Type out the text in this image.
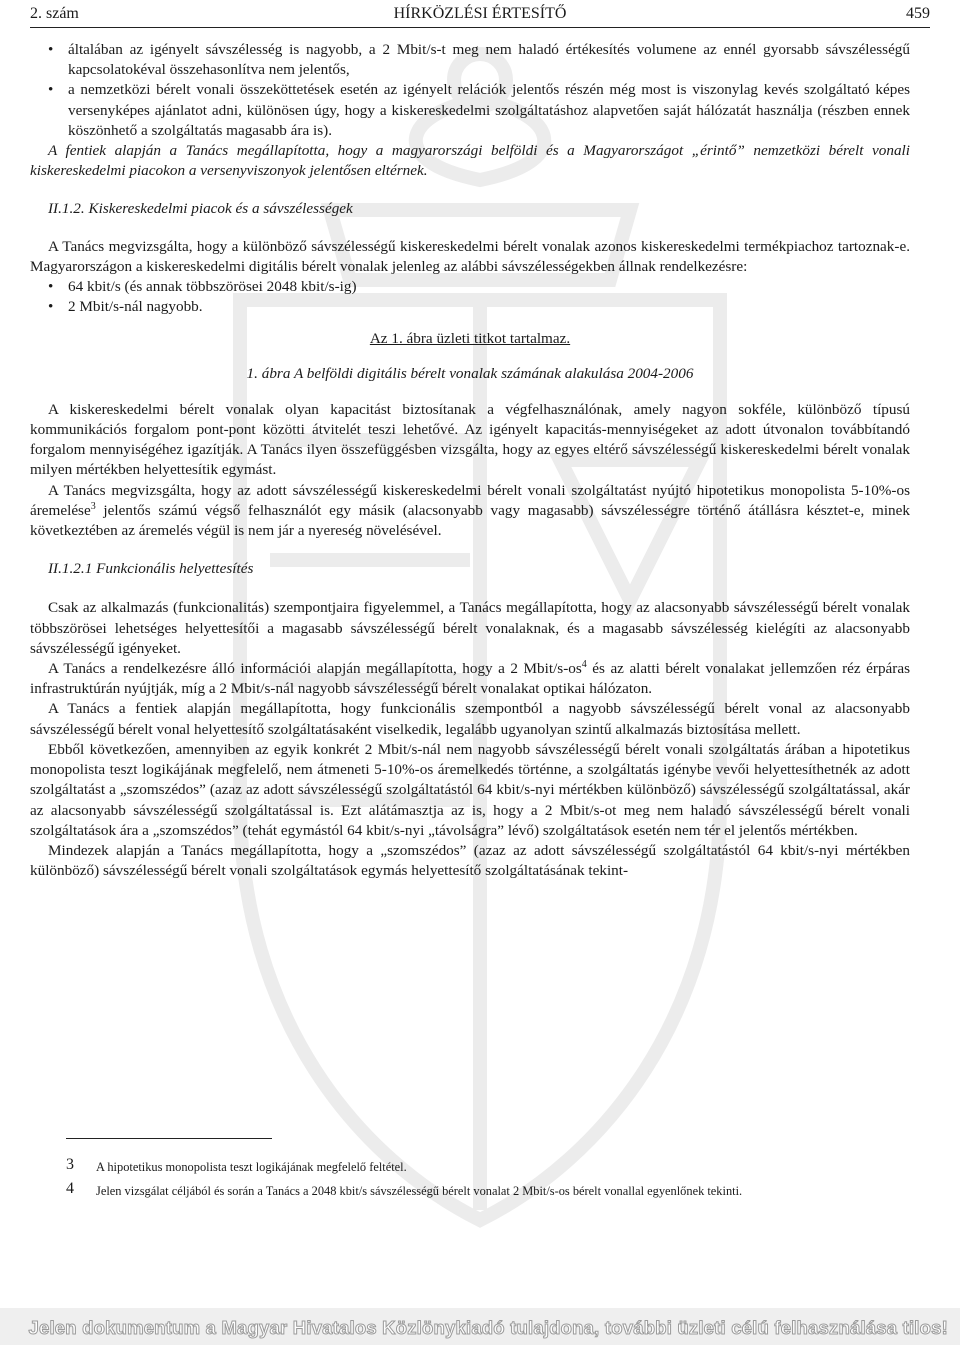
2. szám	HÍRKÖZLÉSI ÉRTESÍTŐ	459
• általában az igényelt sávszélesség is nagyobb, a 2 Mbit/s-t meg nem haladó értékesítés volumene az ennél gyorsabb sávszélességű kapcsolatokéval összehasonlítva nem jelentős,
• a nemzetközi bérelt vonali összeköttetések esetén az igényelt relációk jelentős részén még most is viszonylag kevés szolgáltató képes versenyképes ajánlatot adni, különösen úgy, hogy a kiskereskedelmi szolgáltatáshoz alapvetően saját hálózatát használja (részben ennek köszönhető a szolgáltatás magasabb ára is).

A fentiek alapján a Tanács megállapította, hogy a magyarországi belföldi és a Magyarországot „érintő” nemzetközi bérelt vonali kiskereskedelmi piacokon a versenyviszonyok jelentősen eltérnek.

II.1.2. Kiskereskedelmi piacok és a sávszélességek

A Tanács megvizsgálta, hogy a különböző sávszélességű kiskereskedelmi bérelt vonalak azonos kiskereskedelmi termékpiachoz tartoznak-e. Magyarországon a kiskereskedelmi digitális bérelt vonalak jelenleg az alábbi sávszélességekben állnak rendelkezésre:

• 64 kbit/s (és annak többszörösei 2048 kbit/s-ig)
• 2 Mbit/s-nál nagyobb.

Az 1. ábra üzleti titkot tartalmaz.

1. ábra A belföldi digitális bérelt vonalak számának alakulása 2004-2006

A kiskereskedelmi bérelt vonalak olyan kapacitást biztosítanak a végfelhasználónak, amely nagyon sokféle, különböző típusú kommunikációs forgalom pont-pont közötti átvitelét teszi lehetővé. Az igényelt kapacitás-mennyiségeket az adott útvonalon továbbítandó forgalom mennyiségéhez igazítják. A Tanács ilyen összefüggésben vizsgálta, hogy az egyes eltérő sávszélességű kiskereskedelmi bérelt vonalak milyen mértékben helyettesítik egymást.

A Tanács megvizsgálta, hogy az adott sávszélességű kiskereskedelmi bérelt vonali szolgáltatást nyújtó hipotetikus monopolista 5-10%-os áremelése$^3$ jelentős számú végső felhasználót egy másik (alacsonyabb vagy magasabb) sávszélességre történő átállásra késztet-e, minek következtében az áremelés végül is nem jár a nyereség növelésével.

II.1.2.1 Funkcionális helyettesítés

Csak az alkalmazás (funkcionalitás) szempontjaira figyelemmel, a Tanács megállapította, hogy az alacsonyabb sávszélességű bérelt vonalak többszörösei lehetséges helyettesítői a magasabb sávszélességű bérelt vonalaknak, és a magasabb sávszélesség kielégíti az alacsonyabb sávszélességű igényeket.

A Tanács a rendelkezésre álló információi alapján megállapította, hogy a 2 Mbit/$s-os^4$ és az alatti bérelt vonalakat jellemzően réz érpáras infrastruktúrán nyújtják, míg a 2 Mbit/s-nál nagyobb sávszélességű bérelt vonalakat optikai hálózaton.

A Tanács a fentiek alapján megállapította, hogy funkcionális szempontból a nagyobb sávszélességű bérelt vonal az alacsonyabb sávszélességű bérelt vonal helyettesítő szolgáltatásaként viselkedik, legalább ugyanolyan szintű alkalmazás biztosítása mellett.

Ebből következően, amennyiben az egyik konkrét 2 Mbit/s-nál nem nagyobb sávszélességű bérelt vonali szolgáltatás árában a hipotetikus monopolista teszt logikájának megfelelő, nem átmeneti 5-10%-os áremelkedés történne, a szolgáltatás igénybe vevői helyettesíthetnék az adott szolgáltatást a „szomszédos” (azaz az adott sávszélességű szolgáltatástól 64 kbit/s-nyi mértékben különböző) sávszélességű szolgáltatással, akár az alacsonyabb sávszélességű szolgáltatással is. Ezt alátámasztja az is, hogy a 2 Mbit/s-ot meg nem haladó sávszélességű bérelt vonali szolgáltatások ára a „szomszédos” (tehát egymástól 64 kbit/s-nyi „távolságra” lévő) szolgáltatások esetén nem tér el jelentős mértékben.

Mindezek alapján a Tanács megállapította, hogy a „szomszédos” (azaz az adott sávszélességű szolgáltatástól 64 kbit/s-nyi mértékben különböző) sávszélességű bérelt vonali szolgáltatások egymás helyettesítő szolgáltatásának tekint-

3 A hipotetikus monopolista teszt logikájának megfelelő feltétel.
4 Jelen vizsgálat céljából és során a Tanács a 2048 kbit/s sávszélességű bérelt vonalat 2 Mbit/s-os bérelt vonallal egyenlőnek tekinti.
Jelen dokumentum a Magyar Hivatalos Közlönykiadó tulajdona, további üzleti célú felhasználása tilos!
